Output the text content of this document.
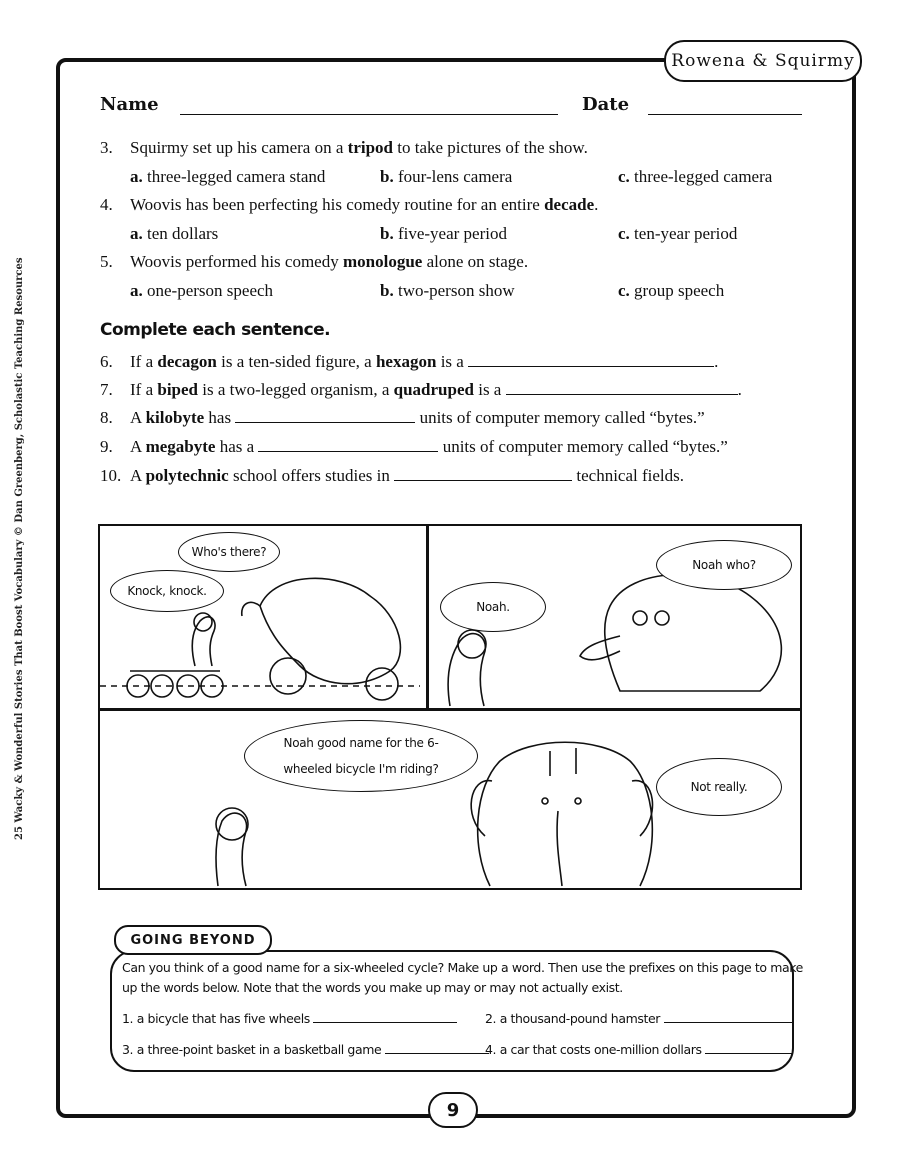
Rowena & Squirmy
25 Wacky & Wonderful Stories That Boost Vocabulary © Dan Greenberg, Scholastic Teaching Resources
Name	Date
3. Squirmy set up his camera on a tripod to take pictures of the show.
a. three-legged camera stand	b. four-lens camera	c. three-legged camera
4. Woovis has been perfecting his comedy routine for an entire decade.
a. ten dollars	b. five-year period	c. ten-year period
5. Woovis performed his comedy monologue alone on stage.
a. one-person speech	b. two-person show	c. group speech
Complete each sentence.
6. If a decagon is a ten-sided figure, a hexagon is a	.
7. If a biped is a two-legged organism, a quadruped is a	.
8. A kilobyte has	units of computer memory called “bytes.”
9. A megabyte has a	units of computer memory called “bytes.”
10. A polytechnic school offers studies in	technical fields.
Who's there?
Knock, knock.
Noah.
Noah who?
Noah good name for the 6-
wheeled bicycle I'm riding?
Not really.
GOING BEYOND
Can you think of a good name for a six-wheeled cycle? Make up a word. Then use the prefixes on this page to make
up the words below. Note that the words you make up may or may not actually exist.
1. a bicycle that has five wheels	2. a thousand-pound hamster
3. a three-point basket in a basketball game	4. a car that costs one-million dollars
9
